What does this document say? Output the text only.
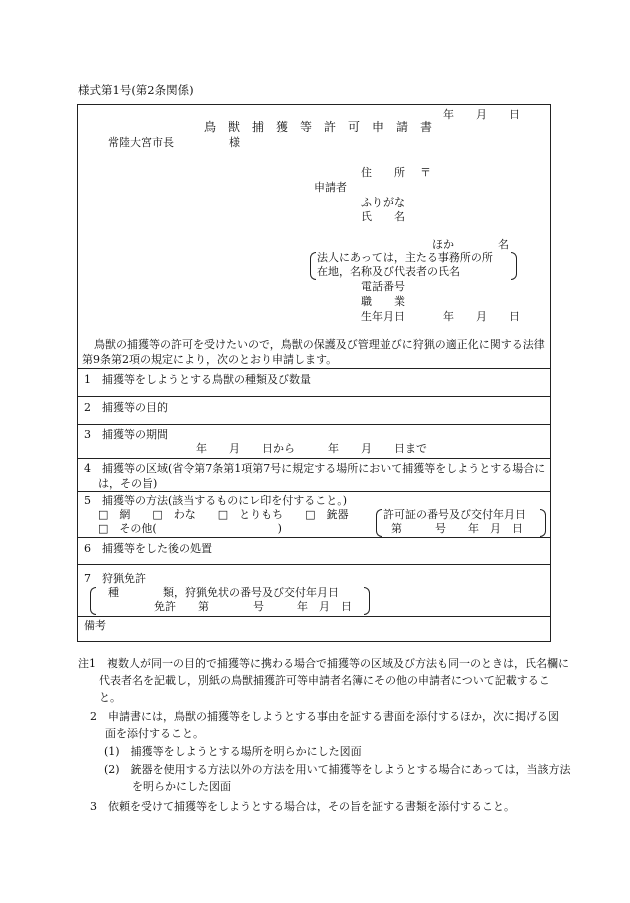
様式第1号(第2条関係)
年　　月　　日
鳥　獣　捕　獲　等　許　可　申　請　書
常陸大宮市長	様
住　　所 〒
申請者
ふりがな
氏　　名
ほか　　　　名
法人にあっては，主たる事務所の所
在地，名称及び代表者の氏名
電話番号
職　　業
生年月日	年　　月　　日
鳥獣の捕獲等の許可を受けたいので，鳥獣の保護及び管理並びに狩猟の適正化に関する法律第9条第2項の規定により，次のとおり申請します。
1　捕獲等をしようとする鳥獣の種類及び数量
2　捕獲等の目的
3　捕獲等の期間
年　　月　　日から　　　年　　月　　日まで
4　捕獲等の区域(省令第7条第1項第7号に規定する場所において捕獲等をしようとする場合には，その旨)
5　捕獲等の方法(該当するものにレ印を付すること。)
□　網　　□　わな　　□　とりもち　　□　銃器
□　その他(　　　　　　　　　　　)
許可証の番号及び交付年月日
第　　　号　　年　月　日
6　捕獲等をした後の処置
7　狩猟免許
種　　　　類，狩猟免状の番号及び交付年月日
免許　　第　　　　号　　　年　月　日
備考
注1　複数人が同一の目的で捕獲等に携わる場合で捕獲等の区域及び方法も同一のときは，氏名欄に代表者名を記載し，別紙の鳥獣捕獲許可等申請者名簿にその他の申請者について記載すること。
2　申請書には，鳥獣の捕獲等をしようとする事由を証する書面を添付するほか，次に掲げる図面を添付すること。
(1)　捕獲等をしようとする場所を明らかにした図面
(2)　銃器を使用する方法以外の方法を用いて捕獲等をしようとする場合にあっては，当該方法を明らかにした図面
3　依頼を受けて捕獲等をしようとする場合は，その旨を証する書類を添付すること。
